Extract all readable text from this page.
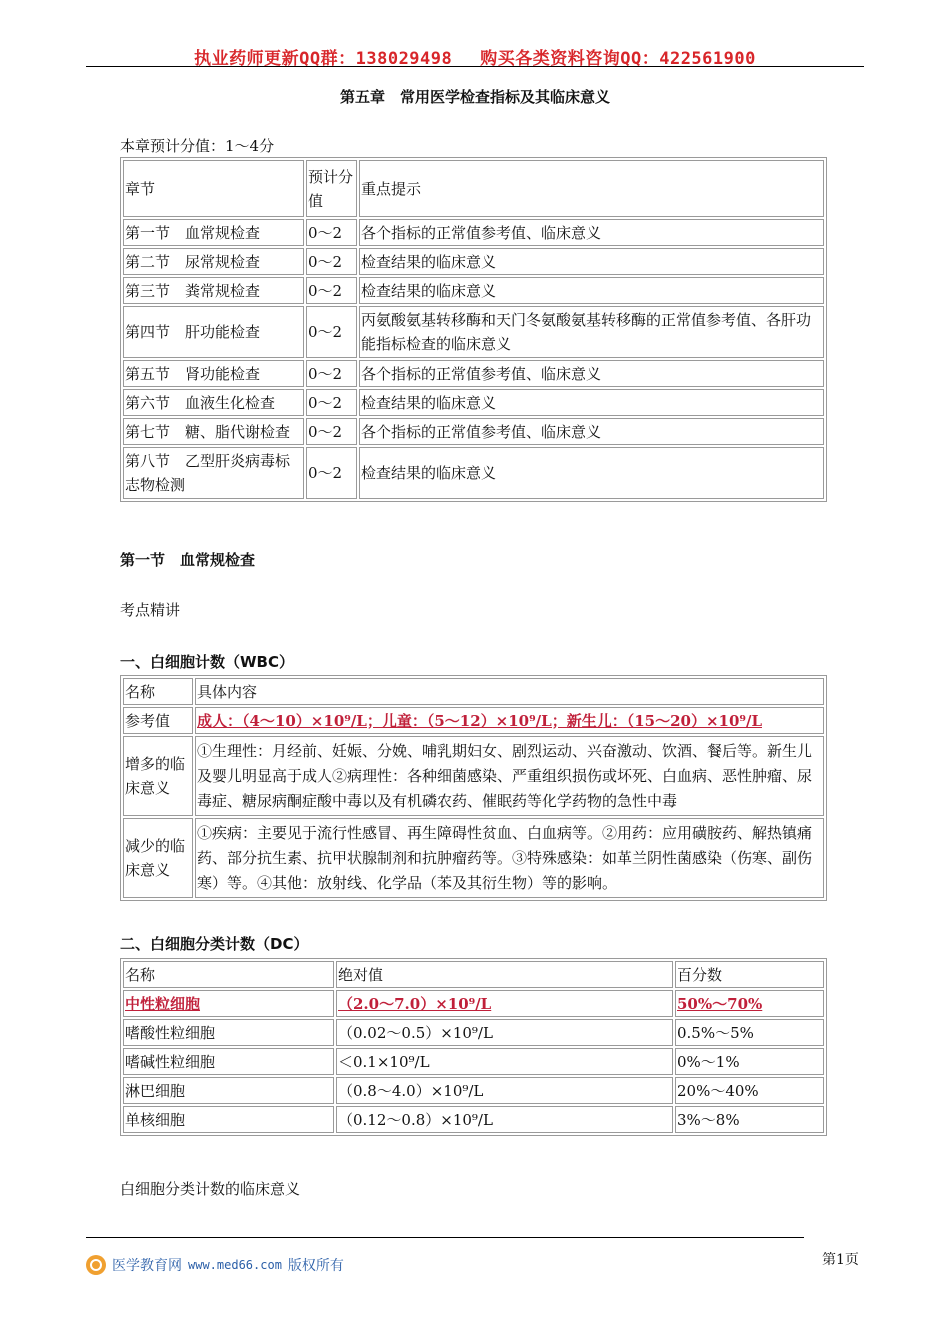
执业药师更新QQ群：138029498 购买各类资料咨询QQ：422561900
第五章　常用医学检查指标及其临床意义
本章预计分值：1～4分
章节	预计分值	重点提示
第一节　血常规检查	0～2	各个指标的正常值参考值、临床意义
第二节　尿常规检查	0～2	检查结果的临床意义
第三节　粪常规检查	0～2	检查结果的临床意义
第四节　肝功能检查	0～2	丙氨酸氨基转移酶和天门冬氨酸氨基转移酶的正常值参考值、各肝功能指标检查的临床意义
第五节　肾功能检查	0～2	各个指标的正常值参考值、临床意义
第六节　血液生化检查	0～2	检查结果的临床意义
第七节　糖、脂代谢检查	0～2	各个指标的正常值参考值、临床意义
第八节　乙型肝炎病毒标志物检测	0～2	检查结果的临床意义
第一节　血常规检查
考点精讲
一、白细胞计数（WBC）
名称	具体内容
参考值	成人：（4～10）×10⁹/L；儿童：（5～12）×10⁹/L；新生儿：（15～20）×10⁹/L
增多的临床意义	①生理性：月经前、妊娠、分娩、哺乳期妇女、剧烈运动、兴奋激动、饮酒、餐后等。新生儿及婴儿明显高于成人②病理性：各种细菌感染、严重组织损伤或坏死、白血病、恶性肿瘤、尿毒症、糖尿病酮症酸中毒以及有机磷农药、催眠药等化学药物的急性中毒
减少的临床意义	①疾病：主要见于流行性感冒、再生障碍性贫血、白血病等。②用药：应用磺胺药、解热镇痛药、部分抗生素、抗甲状腺制剂和抗肿瘤药等。③特殊感染：如革兰阴性菌感染（伤寒、副伤寒）等。④其他：放射线、化学品（苯及其衍生物）等的影响。
二、白细胞分类计数（DC）
名称	绝对值	百分数
中性粒细胞	（2.0～7.0）×10⁹/L	50%～70%
嗜酸性粒细胞	（0.02～0.5）×10⁹/L	0.5%～5%
嗜碱性粒细胞	＜0.1×10⁹/L	0%～1%
淋巴细胞	（0.8～4.0）×10⁹/L	20%～40%
单核细胞	（0.12～0.8）×10⁹/L	3%～8%
白细胞分类计数的临床意义
医学教育网 www.med66.com 版权所有	第1页
